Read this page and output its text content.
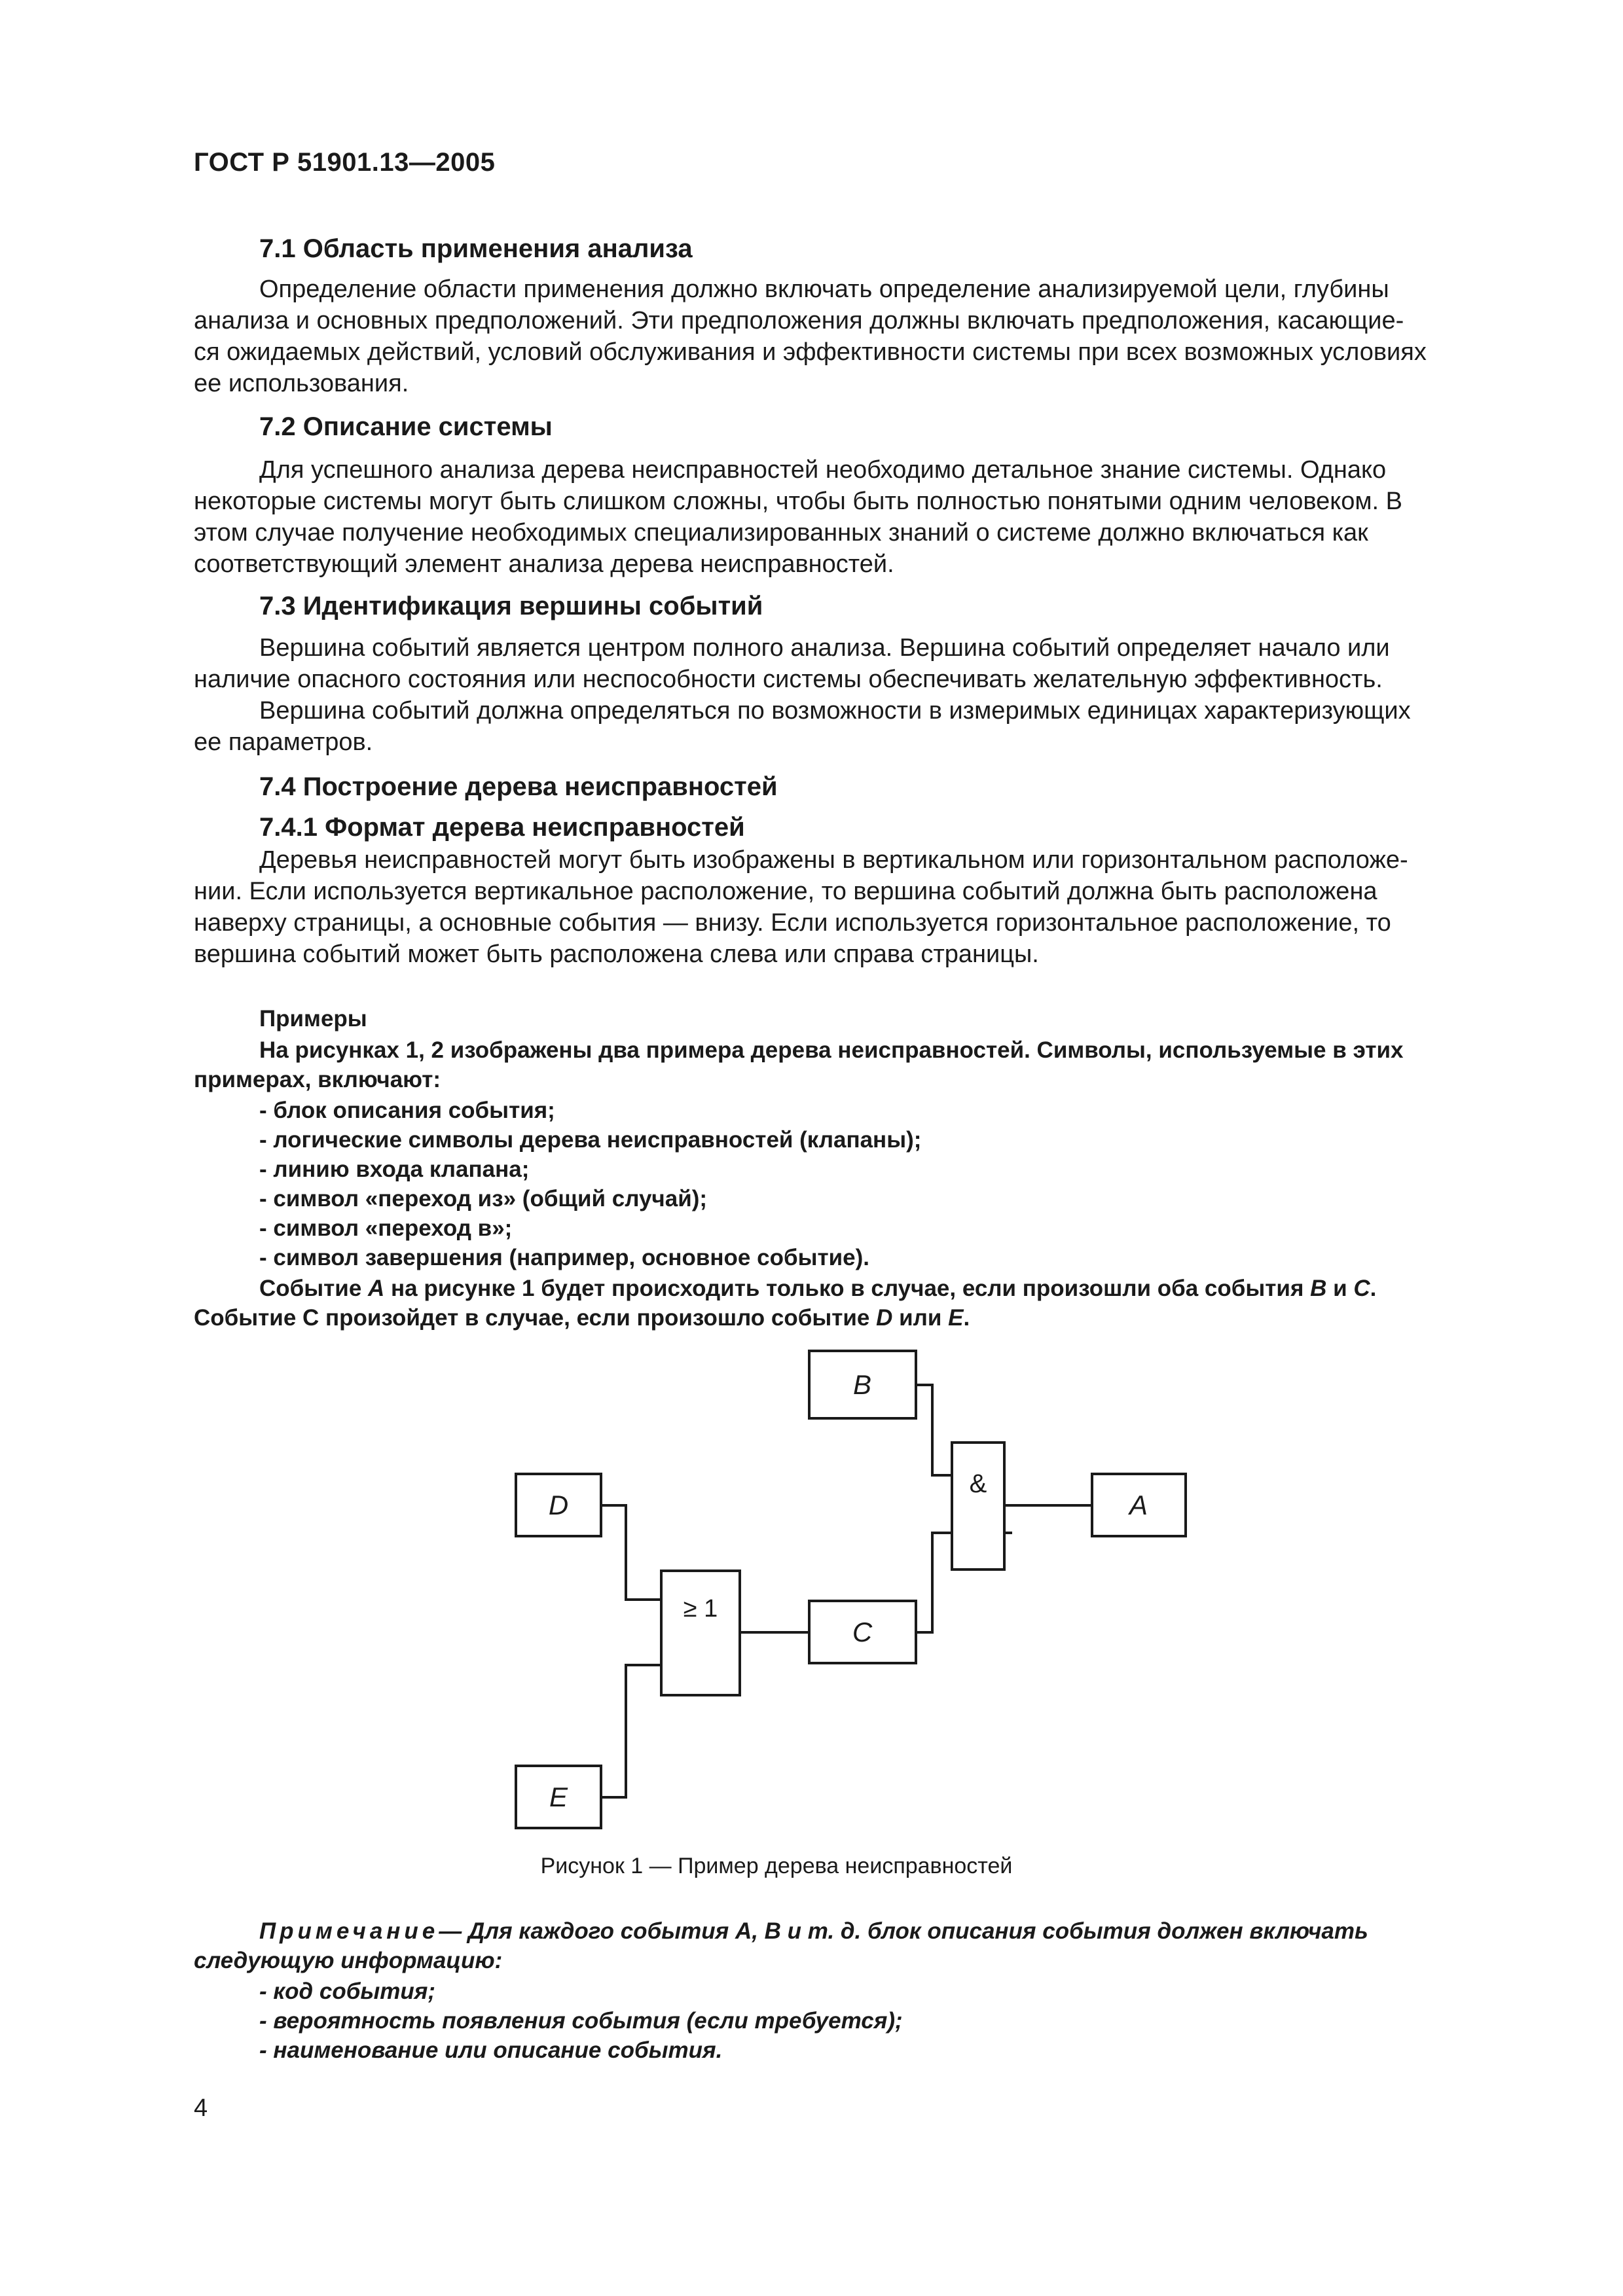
ГОСТ Р 51901.13—2005

7.1 Область применения анализа

Определение области применения должно включать определение анализируемой цели, глубины

анализа и основных предположений. Эти предположения должны включать предположения, касающие-

ся ожидаемых действий, условий обслуживания и эффективности системы при всех возможных условиях

ее использования.

7.2 Описание системы

Для успешного анализа дерева неисправностей необходимо детальное знание системы. Однако

некоторые системы могут быть слишком сложны, чтобы быть полностью понятыми одним человеком. В

этом случае получение необходимых специализированных знаний о системе должно включаться как

соответствующий элемент анализа дерева неисправностей.

7.3 Идентификация вершины событий

Вершина событий является центром полного анализа. Вершина событий определяет начало или

наличие опасного состояния или неспособности системы обеспечивать желательную эффективность.

Вершина событий должна определяться по возможности в измеримых единицах характеризующих

ее параметров.

7.4 Построение дерева неисправностей

7.4.1 Формат дерева неисправностей

Деревья неисправностей могут быть изображены в вертикальном или горизонтальном расположе-

нии. Если используется вертикальное расположение, то вершина событий должна быть расположена

наверху страницы, а основные события — внизу. Если используется горизонтальное расположение, то

вершина событий может быть расположена слева или справа страницы.

Примеры

На рисунках 1, 2 изображены два примера дерева неисправностей. Символы, используемые в этих

примерах, включают:

- блок описания события;

- логические символы дерева неисправностей (клапаны);

- линию входа клапана;

- символ «переход из» (общий случай);

- символ «переход в»;

- символ завершения (например, основное событие).

Событие А на рисунке 1 будет происходить только в случае, если произошли оба события В и С.

Событие С произойдет в случае, если произошло событие D или Е.

B
&
A
D
≥ 1
C
E

Рисунок 1 — Пример дерева неисправностей

Примечание— Для каждого события А, В и т. д. блок описания события должен включать

следующую информацию:

- код события;

- вероятность появления события (если требуется);

- наименование или описание события.

4
